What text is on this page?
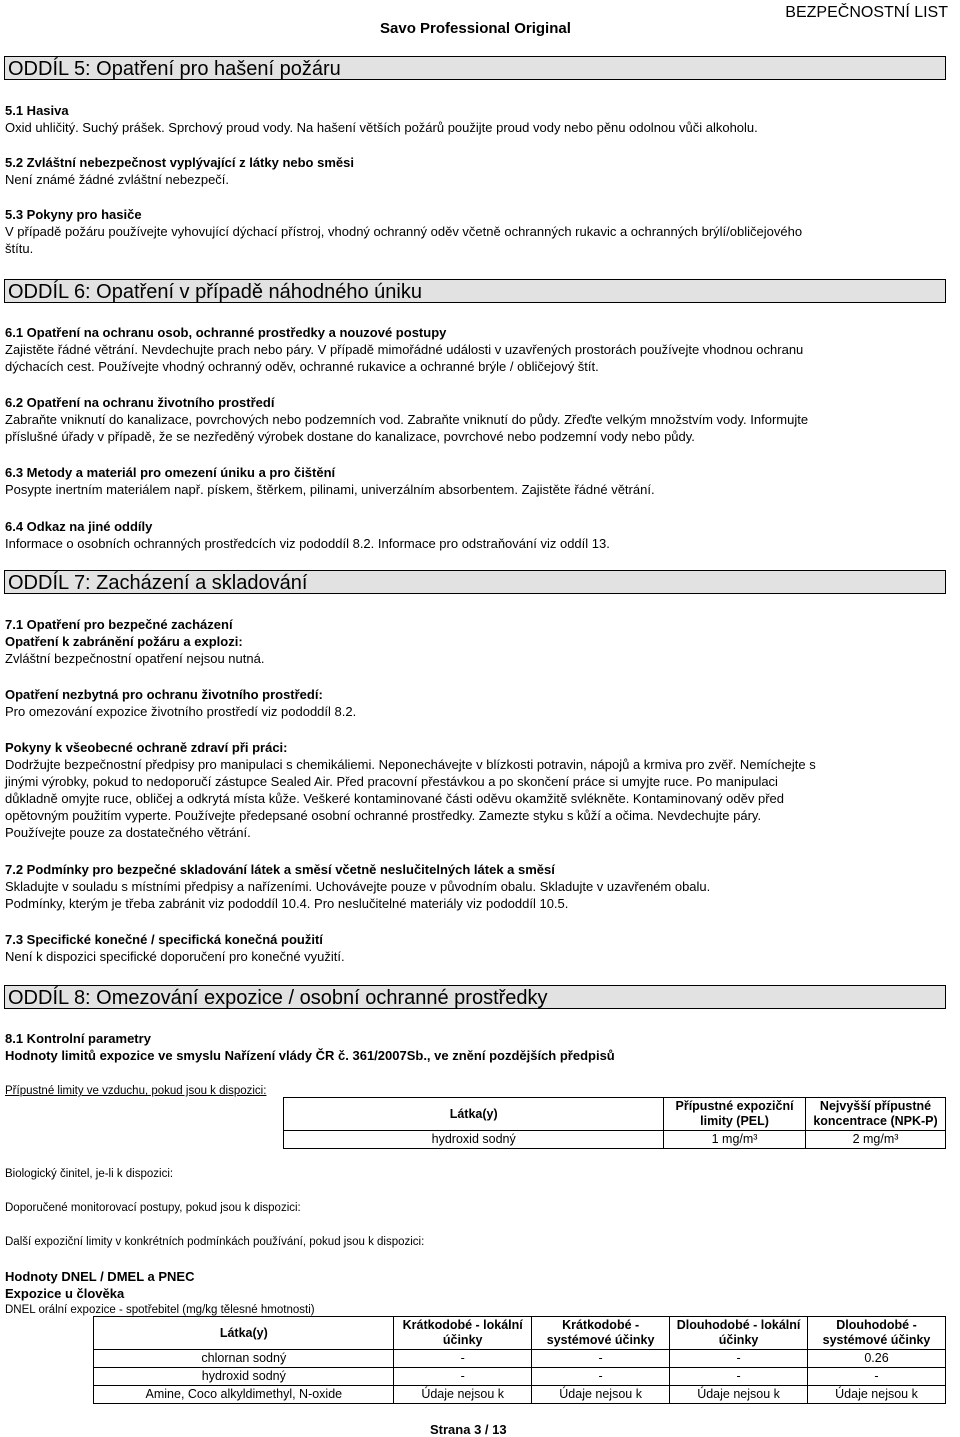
Savo Professional Original
BEZPEČNOSTNÍ LIST
ODDÍL 5: Opatření pro hašení požáru
5.1 Hasiva
Oxid uhličitý. Suchý prášek. Sprchový proud vody. Na hašení větších požárů použijte proud vody nebo pěnu odolnou vůči alkoholu.
5.2 Zvláštní nebezpečnost vyplývající z látky nebo směsi
Není známé žádné zvláštní nebezpečí.
5.3 Pokyny pro hasiče
V případě požáru používejte vyhovující dýchací přístroj, vhodný ochranný oděv včetně ochranných rukavic a ochranných brýlí/obličejového
štítu.
ODDÍL 6: Opatření v případě náhodného úniku
6.1 Opatření na ochranu osob, ochranné prostředky a nouzové postupy
Zajistěte řádné větrání. Nevdechujte prach nebo páry. V případě mimořádné události v uzavřených prostorách používejte vhodnou ochranu
dýchacích cest. Používejte vhodný ochranný oděv, ochranné rukavice a ochranné brýle / obličejový štít.
6.2 Opatření na ochranu životního prostředí
Zabraňte vniknutí do kanalizace, povrchových nebo podzemních vod. Zabraňte vniknutí do půdy. Zřeďte velkým množstvím vody. Informujte
příslušné úřady v případě, že se nezředěný výrobek dostane do kanalizace, povrchové nebo podzemní vody nebo půdy.
6.3 Metody a materiál pro omezení úniku a pro čištění
Posypte inertním materiálem např. pískem, štěrkem, pilinami, univerzálním absorbentem. Zajistěte řádné větrání.
6.4 Odkaz na jiné oddíly
Informace o osobních ochranných prostředcích viz pododdíl 8.2. Informace pro odstraňování viz oddíl 13.
ODDÍL 7: Zacházení a skladování
7.1 Opatření pro bezpečné zacházení
Opatření k zabránění požáru a explozi:
Zvláštní bezpečnostní opatření nejsou nutná.
Opatření nezbytná pro ochranu životního prostředí:
Pro omezování expozice životního prostředí viz pododdíl 8.2.
Pokyny k všeobecné ochraně zdraví při práci:
Dodržujte bezpečnostní předpisy pro manipulaci s chemikáliemi. Neponechávejte v blízkosti potravin, nápojů a krmiva pro zvěř. Nemíchejte s
jinými výrobky, pokud to nedoporučí zástupce Sealed Air. Před pracovní přestávkou a po skončení práce si umyjte ruce. Po manipulaci
důkladně omyjte ruce, obličej a odkrytá místa kůže. Veškeré kontaminované části oděvu okamžitě svlékněte. Kontaminovaný oděv před
opětovným použitím vyperte. Používejte předepsané osobní ochranné prostředky. Zamezte styku s kůží a očima. Nevdechujte páry.
Používejte pouze za dostatečného větrání.
7.2 Podmínky pro bezpečné skladování látek a směsí včetně neslučitelných látek a směsí
Skladujte v souladu s místními předpisy a nařízeními. Uchovávejte pouze v původním obalu. Skladujte v uzavřeném obalu.
Podmínky, kterým je třeba zabránit viz pododdíl 10.4. Pro neslučitelné materiály viz pododdíl 10.5.
7.3 Specifické konečné / specifická konečná použití
Není k dispozici specifické doporučení pro konečné využití.
ODDÍL 8: Omezování expozice / osobní ochranné prostředky
8.1 Kontrolní parametry
Hodnoty limitů expozice ve smyslu Nařízení vlády ČR č. 361/2007Sb., ve znění pozdějších předpisů
Přípustné limity ve vzduchu, pokud jsou k dispozici:
	Látka(y)	Přípustné expoziční limity (PEL)	Nejvyšší přípustné koncentrace (NPK-P)
	hydroxid sodný	1 mg/m³	2 mg/m³
Biologický činitel, je-li k dispozici:
Doporučené monitorovací postupy, pokud jsou k dispozici:
Další expoziční limity v konkrétních podmínkách používání, pokud jsou k dispozici:
Hodnoty DNEL / DMEL a PNEC
Expozice u člověka
DNEL orální expozice - spotřebitel (mg/kg tělesné hmotnosti)
	Látka(y)	Krátkodobé - lokální účinky	Krátkodobé - systémové účinky	Dlouhodobé - lokální účinky	Dlouhodobé - systémové účinky
	chlornan sodný	-	-	-	0.26
	hydroxid sodný	-	-	-	-
	Amine, Coco alkyldimethyl, N-oxide	Údaje nejsou k	Údaje nejsou k	Údaje nejsou k	Údaje nejsou k
Strana 3 / 13
